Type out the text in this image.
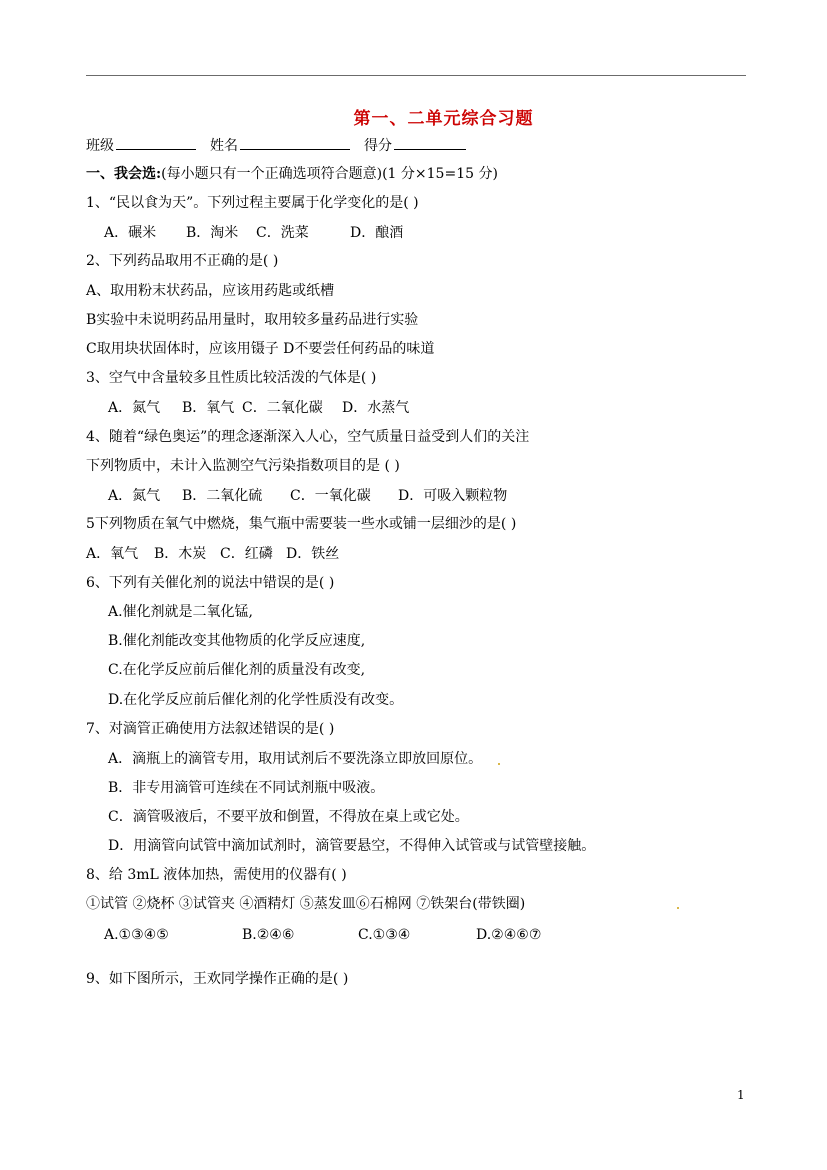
第一、二单元综合习题
班级	姓名	得分
一、我会选:(每小题只有一个正确选项符合题意)(1 分×15=15 分)
1、“民以食为天”。下列过程主要属于化学变化的是( )
A．碾米 B．淘米 C．洗菜	D．酿酒
2、下列药品取用不正确的是( )
A、取用粉末状药品，应该用药匙或纸槽
B实验中未说明药品用量时，取用较多量药品进行实验
C取用块状固体时，应该用镊子 D不要尝任何药品的味道
3、空气中含量较多且性质比较活泼的气体是( )
A．氮气 B．氧气 C．二氧化碳 D．水蒸气
4、随着“绿色奥运”的理念逐渐深入人心，空气质量日益受到人们的关注
下列物质中，未计入监测空气污染指数项目的是 ( )
A．氮气 B．二氧化硫 C．一氧化碳 D．可吸入颗粒物
5下列物质在氧气中燃烧，集气瓶中需要装一些水或铺一层细沙的是( )
A．氧气 B．木炭 C．红磷 D．铁丝
6、下列有关催化剂的说法中错误的是( )
A.催化剂就是二氧化锰,
B.催化剂能改变其他物质的化学反应速度,
C.在化学反应前后催化剂的质量没有改变,
D.在化学反应前后催化剂的化学性质没有改变。
7、对滴管正确使用方法叙述错误的是( )
A．滴瓶上的滴管专用，取用试剂后不要洗涤立即放回原位。
B．非专用滴管可连续在不同试剂瓶中吸液。
C．滴管吸液后，不要平放和倒置，不得放在桌上或它处。
D．用滴管向试管中滴加试剂时，滴管要悬空，不得伸入试管或与试管壁接触。
8、给 3mL 液体加热，需使用的仪器有( )
①试管 ②烧杯 ③试管夹 ④酒精灯 ⑤蒸发皿⑥石棉网 ⑦铁架台(带铁圈)
A.①③④⑤	B.②④⑥	C.①③④	D.②④⑥⑦
9、如下图所示，王欢同学操作正确的是( )
1
